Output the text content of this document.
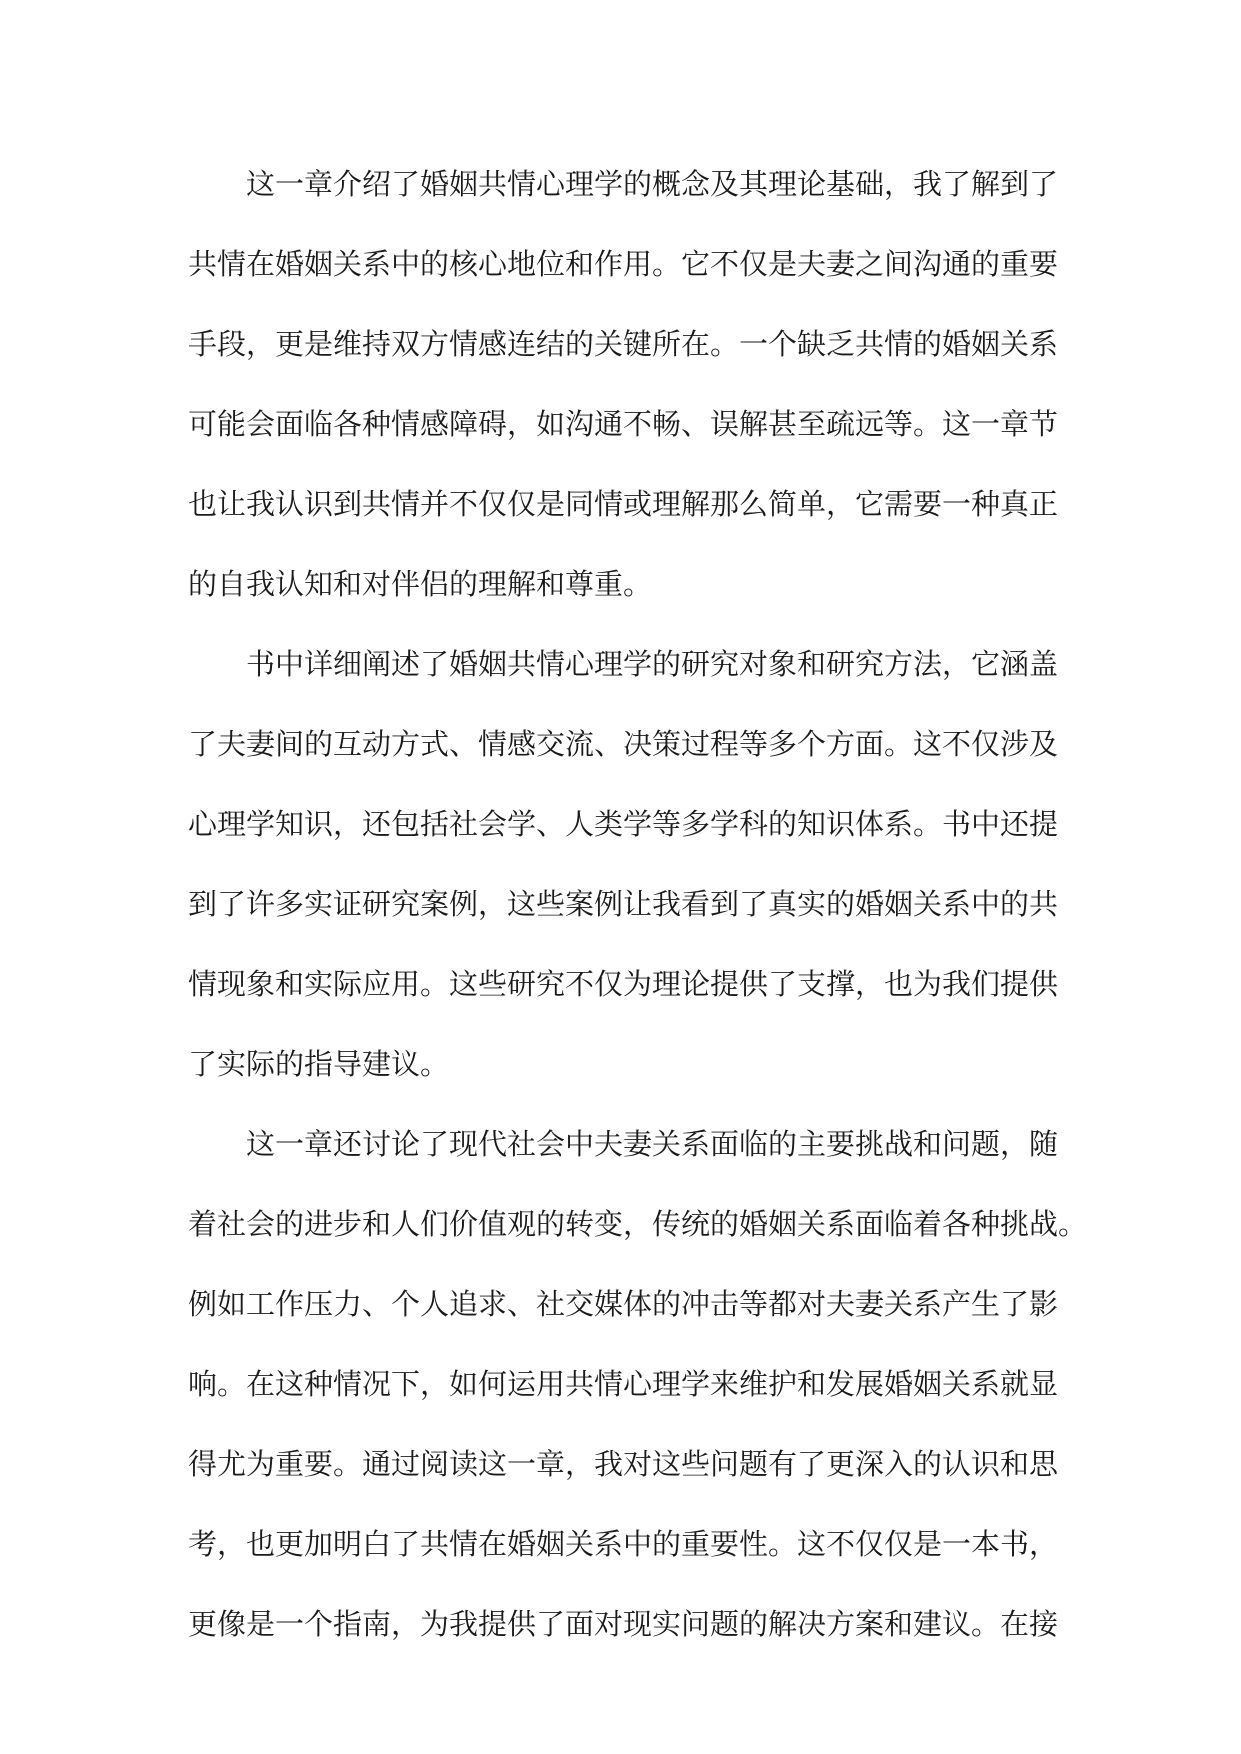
这一章介绍了婚姻共情心理学的概念及其理论基础，我了解到了
共情在婚姻关系中的核心地位和作用。它不仅是夫妻之间沟通的重要
手段，更是维持双方情感连结的关键所在。一个缺乏共情的婚姻关系
可能会面临各种情感障碍，如沟通不畅、误解甚至疏远等。这一章节
也让我认识到共情并不仅仅是同情或理解那么简单，它需要一种真正
的自我认知和对伴侣的理解和尊重。
书中详细阐述了婚姻共情心理学的研究对象和研究方法，它涵盖
了夫妻间的互动方式、情感交流、决策过程等多个方面。这不仅涉及
心理学知识，还包括社会学、人类学等多学科的知识体系。书中还提
到了许多实证研究案例，这些案例让我看到了真实的婚姻关系中的共
情现象和实际应用。这些研究不仅为理论提供了支撑，也为我们提供
了实际的指导建议。
这一章还讨论了现代社会中夫妻关系面临的主要挑战和问题，随
着社会的进步和人们价值观的转变，传统的婚姻关系面临着各种挑战。
例如工作压力、个人追求、社交媒体的冲击等都对夫妻关系产生了影
响。在这种情况下，如何运用共情心理学来维护和发展婚姻关系就显
得尤为重要。通过阅读这一章，我对这些问题有了更深入的认识和思
考，也更加明白了共情在婚姻关系中的重要性。这不仅仅是一本书，
更像是一个指南，为我提供了面对现实问题的解决方案和建议。在接
